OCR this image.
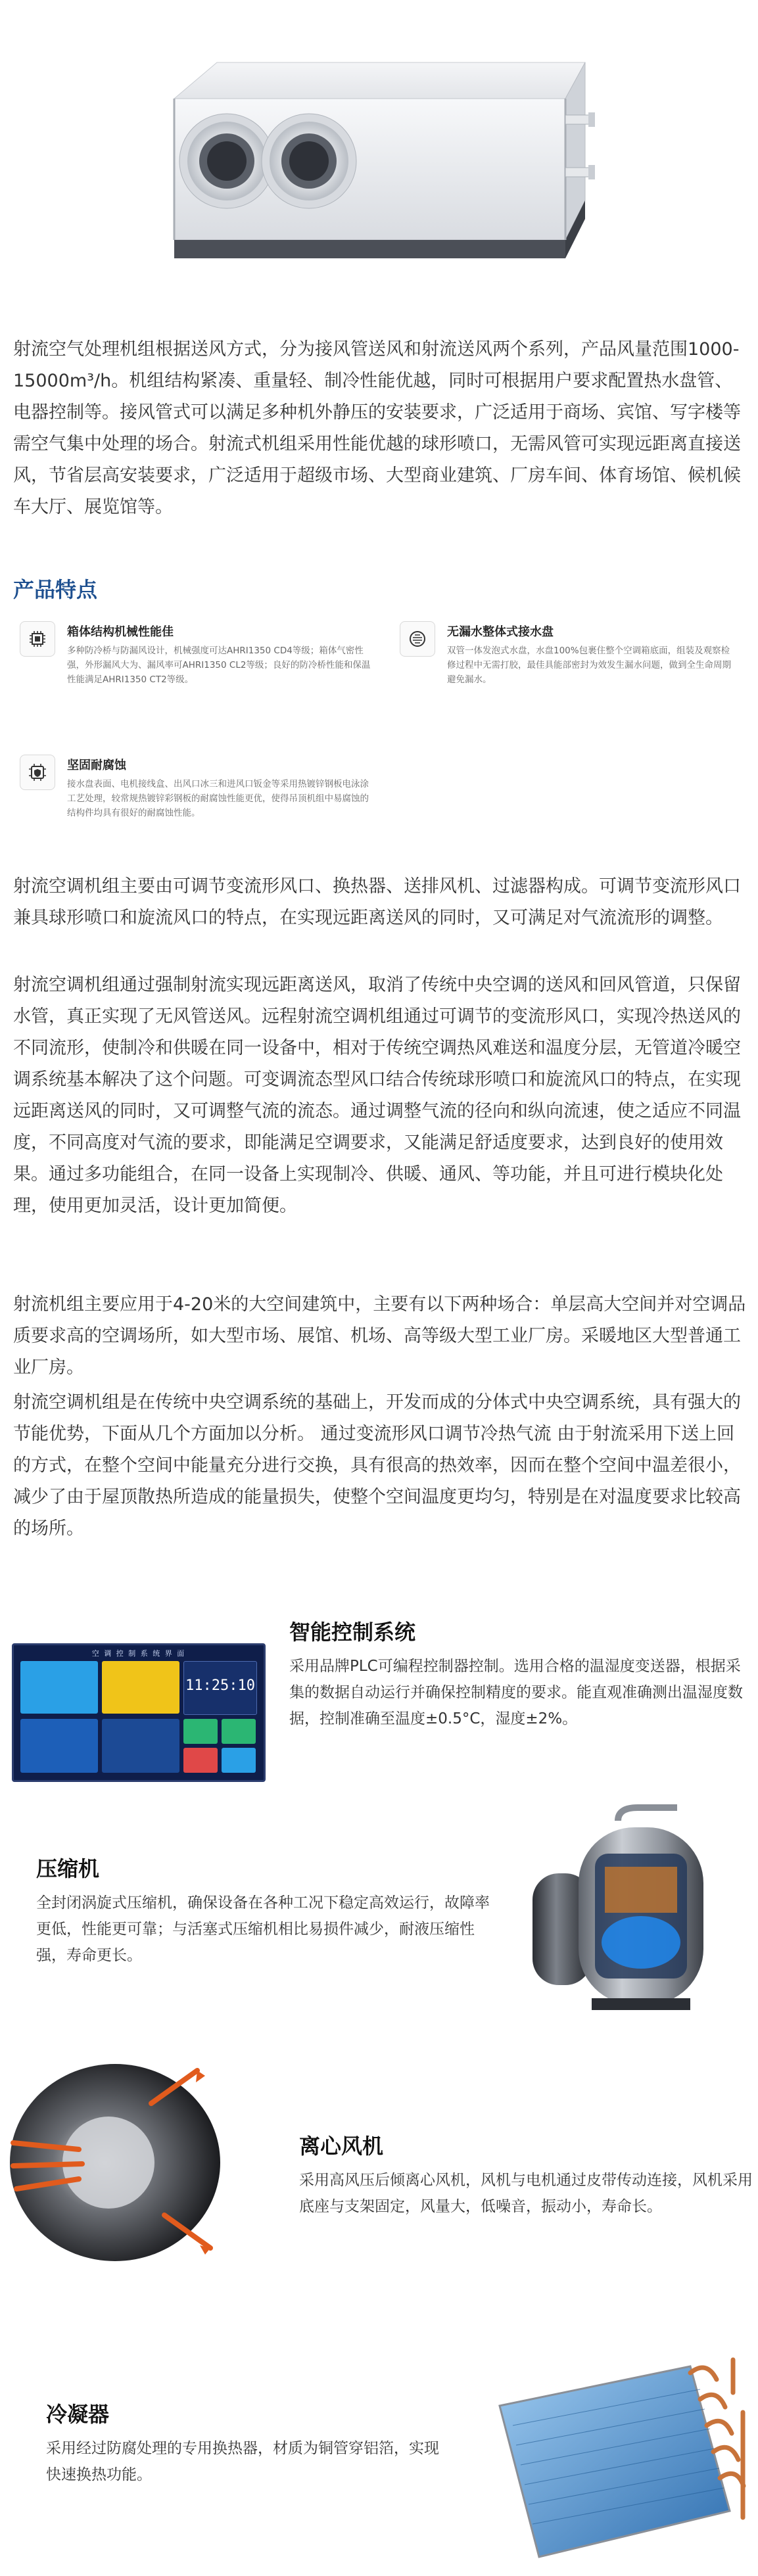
射流空气处理机组根据送风方式，分为接风管送风和射流送风两个系列，产品风量范围1000-15000m³/h。机组结构紧凑、重量轻、制冷性能优越，同时可根据用户要求配置热水盘管、电器控制等。接风管式可以满足多种机外静压的安装要求，广泛适用于商场、宾馆、写字楼等需空气集中处理的场合。射流式机组采用性能优越的球形喷口，无需风管可实现远距离直接送风，节省层高安装要求，广泛适用于超级市场、大型商业建筑、厂房车间、体育场馆、候机候车大厅、展览馆等。

产品特点
箱体结构机械性能佳
多种防冷桥与防漏风设计，机械强度可达AHRI1350 CD4等级；箱体气密性强，外形漏风大为、漏风率可AHRI1350 CL2等级；良好的防冷桥性能和保温性能满足AHRI1350 CT2等级。
无漏水整体式接水盘
双管一体发泡式水盘，水盘100%包裹住整个空调箱底面，组装及观察检修过程中无需打胶，最佳具能部密封为效发生漏水问题，做到全生命周期避免漏水。
坚固耐腐蚀
接水盘表面、电机接线盒、出风口冰三和进风口钣金等采用热镀锌钢板电泳涂工艺处理，较常规热镀锌彩钢板的耐腐蚀性能更优，使得吊顶机组中易腐蚀的结构件均具有很好的耐腐蚀性能。

射流空调机组主要由可调节变流形风口、换热器、送排风机、过滤器构成。可调节变流形风口兼具球形喷口和旋流风口的特点，在实现远距离送风的同时，又可满足对气流流形的调整。

射流空调机组通过强制射流实现远距离送风，取消了传统中央空调的送风和回风管道，只保留水管，真正实现了无风管送风。远程射流空调机组通过可调节的变流形风口，实现冷热送风的不同流形，使制冷和供暖在同一设备中，相对于传统空调热风难送和温度分层，无管道冷暖空调系统基本解决了这个问题。可变调流态型风口结合传统球形喷口和旋流风口的特点，在实现远距离送风的同时，又可调整气流的流态。通过调整气流的径向和纵向流速，使之适应不同温度，不同高度对气流的要求，即能满足空调要求，又能满足舒适度要求，达到良好的使用效果。通过多功能组合，在同一设备上实现制冷、供暖、通风、等功能，并且可进行模块化处理，使用更加灵活，设计更加简便。

射流机组主要应用于4-20米的大空间建筑中，主要有以下两种场合：单层高大空间并对空调品质要求高的空调场所，如大型市场、展馆、机场、高等级大型工业厂房。采暖地区大型普通工业厂房。

射流空调机组是在传统中央空调系统的基础上，开发而成的分体式中央空调系统，具有强大的节能优势，下面从几个方面加以分析。 通过变流形风口调节冷热气流 由于射流采用下送上回的方式，在整个空间中能量充分进行交换，具有很高的热效率，因而在整个空间中温差很小，减少了由于屋顶散热所造成的能量损失，使整个空间温度更均匀，特别是在对温度要求比较高的场所。

空 调 控 制 系 统 界 面
11:25:10
智能控制系统
采用品牌PLC可编程控制器控制。选用合格的温湿度变送器，根据采集的数据自动运行并确保控制精度的要求。能直观准确测出温湿度数据，控制准确至温度±0.5°C，湿度±2%。
压缩机
全封闭涡旋式压缩机，确保设备在各种工况下稳定高效运行，故障率更低，性能更可靠；与活塞式压缩机相比易损件减少，耐液压缩性强，寿命更长。
离心风机
采用高风压后倾离心风机，风机与电机通过皮带传动连接，风机采用底座与支架固定，风量大，低噪音，振动小，寿命长。
冷凝器
采用经过防腐处理的专用换热器，材质为铜管穿铝箔，实现快速换热功能。
